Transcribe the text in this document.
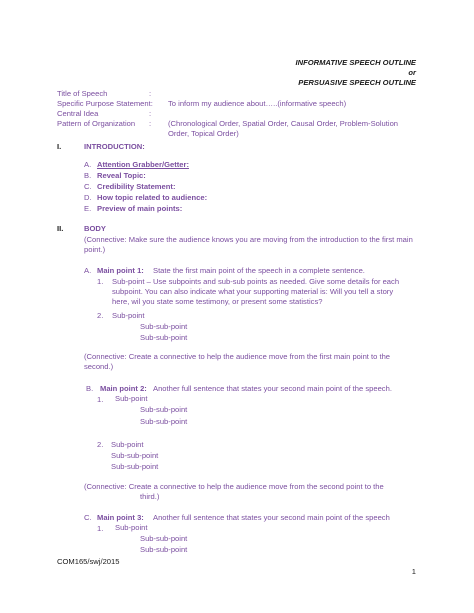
INFORMATIVE SPEECH OUTLINE
or
PERSUASIVE SPEECH OUTLINE
Title of Speech	:
Specific Purpose Statement: To inform my audience about…..(informative speech)
Central Idea	:
Pattern of Organization : (Chronological Order, Spatial Order, Causal Order, Problem-Solution
Order, Topical Order)
I.	INTRODUCTION:
A. Attention Grabber/Getter:
B. Reveal Topic:
C. Credibility Statement:
D. How topic related to audience:
E. Preview of main points:
II.	BODY
(Connective: Make sure the audience knows you are moving from the introduction to the first main point.)
A. Main point 1: State the first main point of the speech in a complete sentence.
1. Sub-point – Use subpoints and sub-sub points as needed. Give some details for each subpoint. You can also indicate what your supporting material is: Will you tell a story here, wil you state some testimony, or present some statistics?
2. Sub-point
Sub-sub-point
Sub-sub-point
(Connective: Create a connective to help the audience move from the first main point to the second.)
B. Main point 2: Another full sentence that states your second main point of the speech.
1. Sub-point
Sub-sub-point
Sub-sub-point
2. Sub-point
Sub-sub-point
Sub-sub-point
(Connective: Create a connective to help the audience move from the second point to the
third.)
C. Main point 3: Another full sentence that states your second main point of the speech
1. Sub-point
Sub-sub-point
Sub-sub-point
COM165/swj/2015
1
